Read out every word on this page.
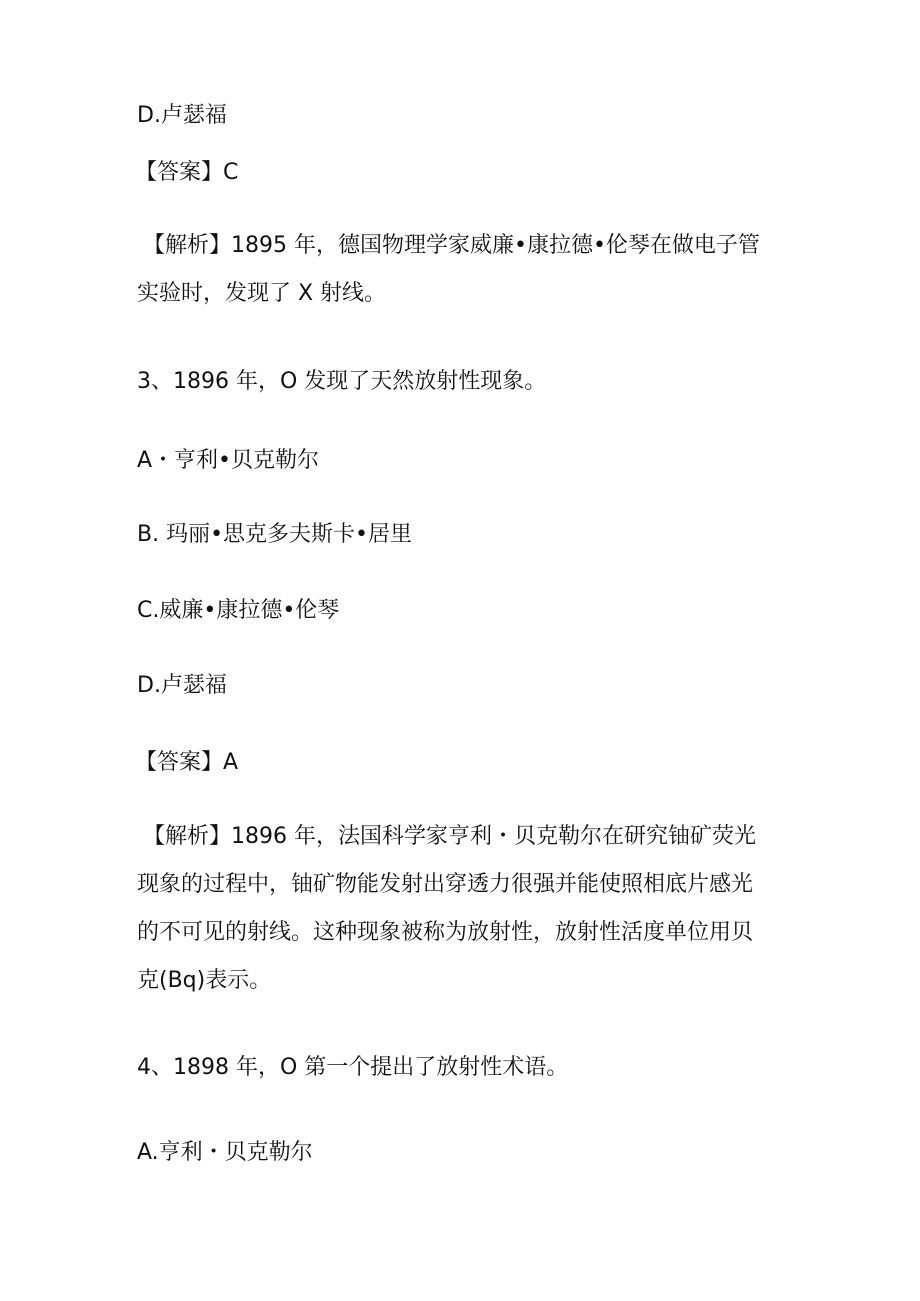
D.卢瑟福
【答案】C
【解析】1895 年，德国物理学家威廉•康拉德•伦琴在做电子管
实验时，发现了 X 射线。
3、1896 年，O 发现了天然放射性现象。
A・亨利•贝克勒尔
B. 玛丽•思克多夫斯卡•居里
C.威廉•康拉德•伦琴
D.卢瑟福
【答案】A
【解析】1896 年，法国科学家亨利・贝克勒尔在研究铀矿荧光
现象的过程中，铀矿物能发射出穿透力很强并能使照相底片感光
的不可见的射线。这种现象被称为放射性，放射性活度单位用贝
克(Bq)表示。
4、1898 年，O 第一个提出了放射性术语。
A.亨利・贝克勒尔
